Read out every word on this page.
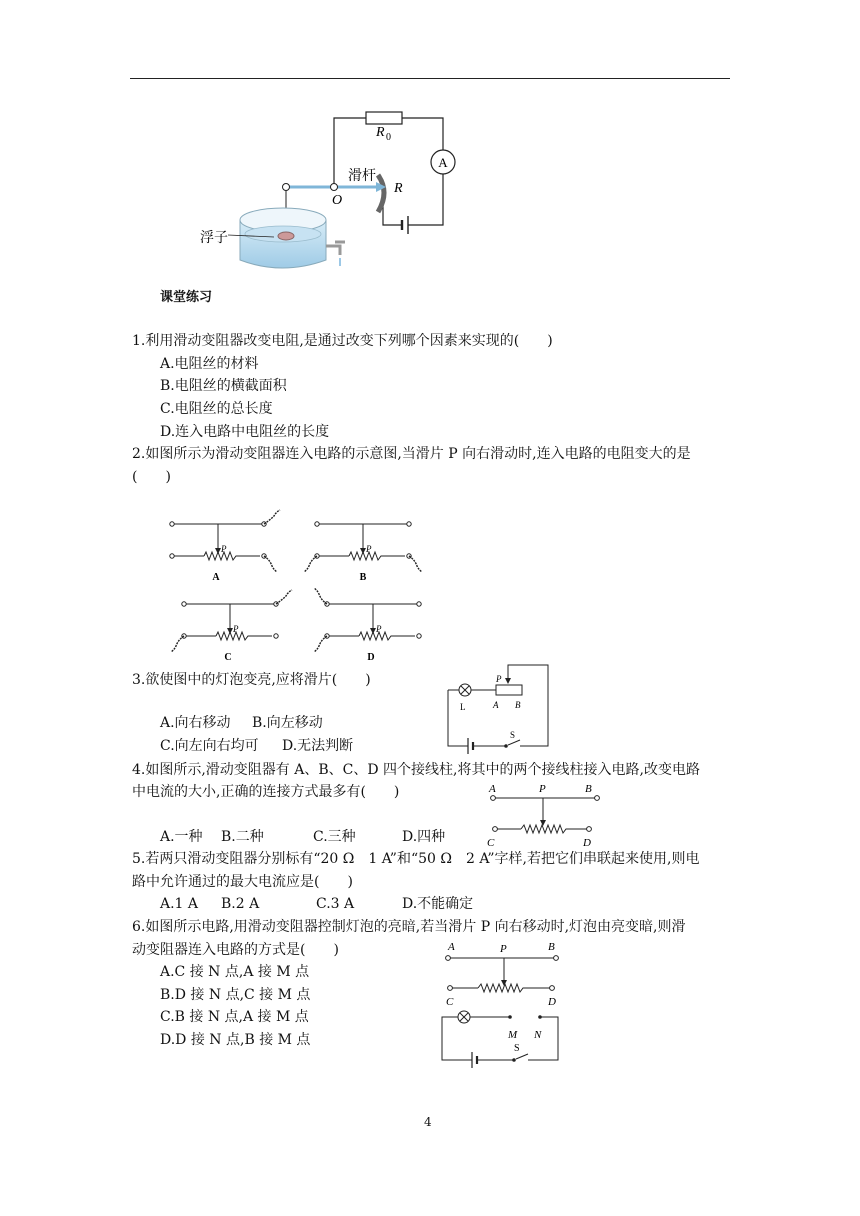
A
R 0
R
滑杆
O
浮子
课堂练习
1.利用滑动变阻器改变电阻,是通过改变下列哪个因素来实现的(　　)
A.电阻丝的材料
B.电阻丝的横截面积
C.电阻丝的总长度
D.连入电路中电阻丝的长度
2.如图所示为滑动变阻器连入电路的示意图,当滑片 P 向右滑动时,连入电路的电阻变大的是
(　　)
P	P
P	P
A	B
C	D
3.欲使图中的灯泡变亮,应将滑片(　　)
A.向右移动 B.向左移动
C.向左向右均可 D.无法判断
L
P
A B
S
4.如图所示,滑动变阻器有 A、B、C、D 四个接线柱,将其中的两个接线柱接入电路,改变电路
中电流的大小,正确的连接方式最多有(　　)
A.一种 B.二种	C.三种	D.四种
A	P	B
C	D
5.若两只滑动变阻器分别标有“20 Ω　1 A”和“50 Ω　2 A”字样,若把它们串联起来使用,则电
路中允许通过的最大电流应是(　　)
A.1 A B.2 A	C.3 A	D.不能确定
6.如图所示电路,用滑动变阻器控制灯泡的亮暗,若当滑片 P 向右移动时,灯泡由亮变暗,则滑
动变阻器连入电路的方式是(　　)
A.C 接 N 点,A 接 M 点
B.D 接 N 点,C 接 M 点
C.B 接 N 点,A 接 M 点
D.D 接 N 点,B 接 M 点
A	P	B
C	D
M N
S
4
